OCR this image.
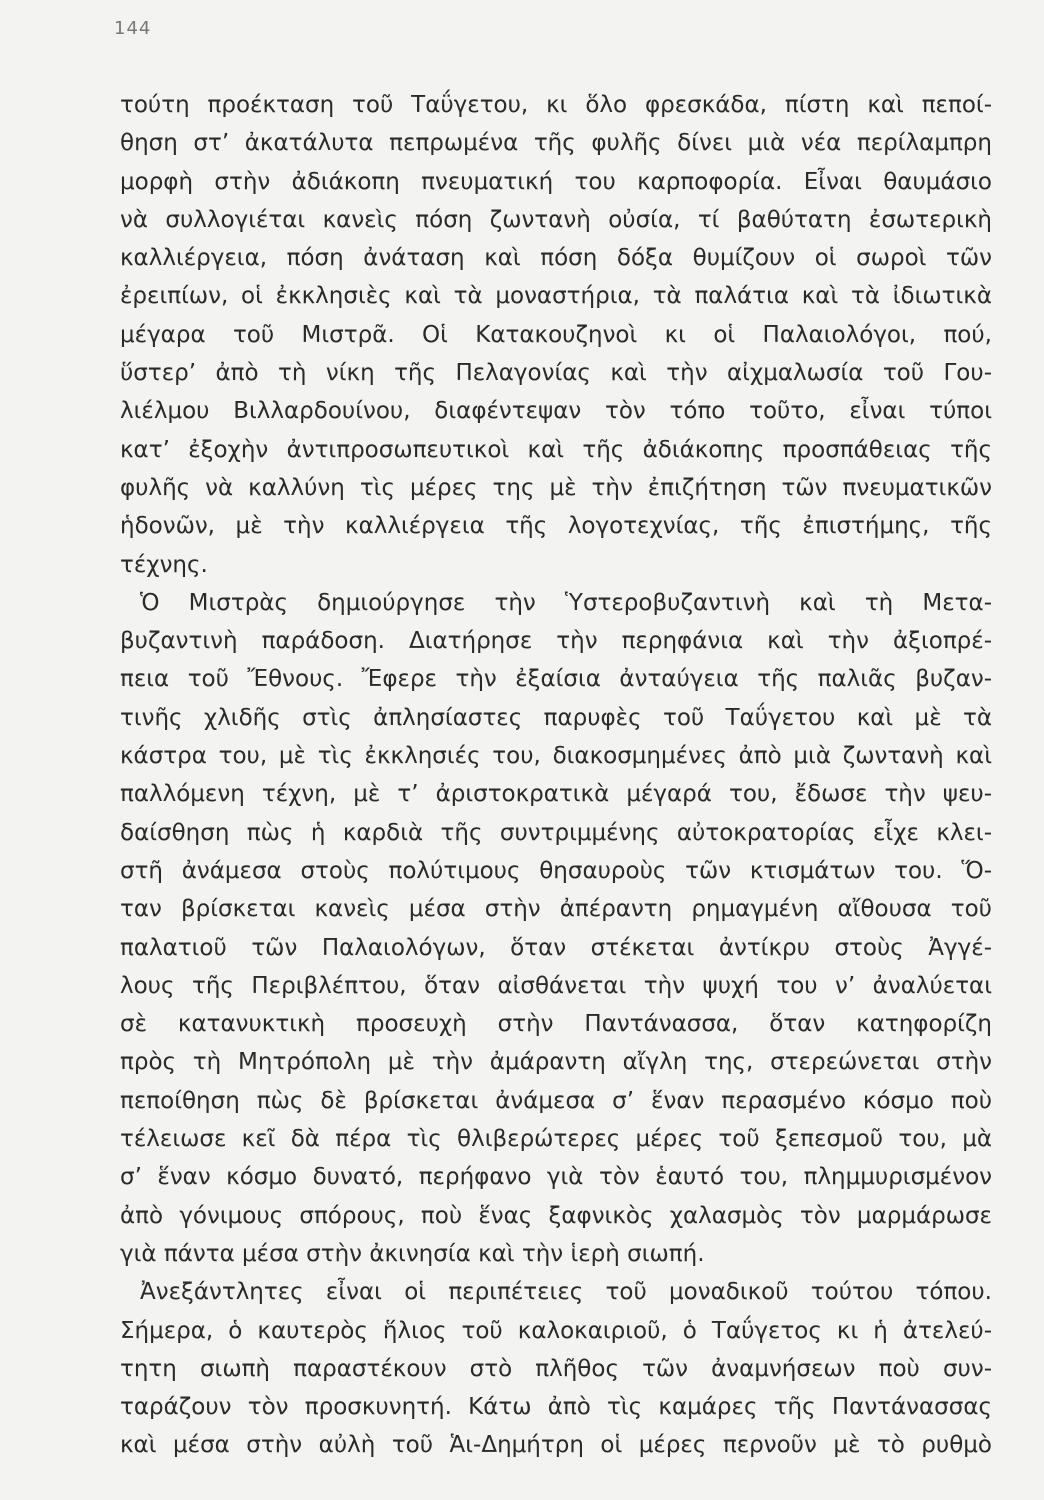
144
τούτη προέκταση τοῦ Ταΰγετου, κι ὅλο φρεσκάδα, πίστη καὶ πεποί-
θηση στ’ ἀκατάλυτα πεπρωμένα τῆς φυλῆς δίνει μιὰ νέα περίλαμπρη
μορφὴ στὴν ἀδιάκοπη πνευματική του καρποφορία. Εἶναι θαυμάσιο
νὰ συλλογιέται κανεὶς πόση ζωντανὴ οὐσία, τί βαθύτατη ἐσωτερικὴ
καλλιέργεια, πόση ἀνάταση καὶ πόση δόξα θυμίζουν οἱ σωροὶ τῶν
ἐρειπίων, οἱ ἐκκλησιὲς καὶ τὰ μοναστήρια, τὰ παλάτια καὶ τὰ ἰδιωτικὰ
μέγαρα τοῦ Μιστρᾶ. Οἱ Κατακουζηνοὶ κι οἱ Παλαιολόγοι, πού,
ὕστερ’ ἀπὸ τὴ νίκη τῆς Πελαγονίας καὶ τὴν αἰχμαλωσία τοῦ Γου-
λιέλμου Βιλλαρδουίνου, διαφέντεψαν τὸν τόπο τοῦτο, εἶναι τύποι
κατ’ ἐξοχὴν ἀντιπροσωπευτικοὶ καὶ τῆς ἀδιάκοπης προσπάθειας τῆς
φυλῆς νὰ καλλύνη τὶς μέρες της μὲ τὴν ἐπιζήτηση τῶν πνευματικῶν
ἡδονῶν, μὲ τὴν καλλιέργεια τῆς λογοτεχνίας, τῆς ἐπιστήμης, τῆς
τέχνης.
Ὁ Μιστρὰς δημιούργησε τὴν Ὑστεροβυζαντινὴ καὶ τὴ Μετα-
βυζαντινὴ παράδοση. Διατήρησε τὴν περηφάνια καὶ τὴν ἀξιοπρέ-
πεια τοῦ Ἔθνους. Ἔφερε τὴν ἐξαίσια ἀνταύγεια τῆς παλιᾶς βυζαν-
τινῆς χλιδῆς στὶς ἀπλησίαστες παρυφὲς τοῦ Ταΰγετου καὶ μὲ τὰ
κάστρα του, μὲ τὶς ἐκκλησιές του, διακοσμημένες ἀπὸ μιὰ ζωντανὴ καὶ
παλλόμενη τέχνη, μὲ τ’ ἀριστοκρατικὰ μέγαρά του, ἔδωσε τὴν ψευ-
δαίσθηση πὼς ἡ καρδιὰ τῆς συντριμμένης αὐτοκρατορίας εἶχε κλει-
στῆ ἀνάμεσα στοὺς πολύτιμους θησαυροὺς τῶν κτισμάτων του. Ὅ-
ταν βρίσκεται κανεὶς μέσα στὴν ἀπέραντη ρημαγμένη αἴθουσα τοῦ
παλατιοῦ τῶν Παλαιολόγων, ὅταν στέκεται ἀντίκρυ στοὺς Ἀγγέ-
λους τῆς Περιβλέπτου, ὅταν αἰσθάνεται τὴν ψυχή του ν’ ἀναλύεται
σὲ κατανυκτικὴ προσευχὴ στὴν Παντάνασσα, ὅταν κατηφορίζη
πρὸς τὴ Μητρόπολη μὲ τὴν ἀμάραντη αἴγλη της, στερεώνεται στὴν
πεποίθηση πὼς δὲ βρίσκεται ἀνάμεσα σ’ ἕναν περασμένο κόσμο ποὺ
τέλειωσε κεῖ δὰ πέρα τὶς θλιβερώτερες μέρες τοῦ ξεπεσμοῦ του, μὰ
σ’ ἕναν κόσμο δυνατό, περήφανο γιὰ τὸν ἑαυτό του, πλημμυρισμένον
ἀπὸ γόνιμους σπόρους, ποὺ ἕνας ξαφνικὸς χαλασμὸς τὸν μαρμάρωσε
γιὰ πάντα μέσα στὴν ἀκινησία καὶ τὴν ἱερὴ σιωπή.
Ἀνεξάντλητες εἶναι οἱ περιπέτειες τοῦ μοναδικοῦ τούτου τόπου.
Σήμερα, ὁ καυτερὸς ἥλιος τοῦ καλοκαιριοῦ, ὁ Ταΰγετος κι ἡ ἀτελεύ-
τητη σιωπὴ παραστέκουν στὸ πλῆθος τῶν ἀναμνήσεων ποὺ συν-
ταράζουν τὸν προσκυνητή. Κάτω ἀπὸ τὶς καμάρες τῆς Παντάνασσας
καὶ μέσα στὴν αὐλὴ τοῦ Ἁι-Δημήτρη οἱ μέρες περνοῦν μὲ τὸ ρυθμὸ
